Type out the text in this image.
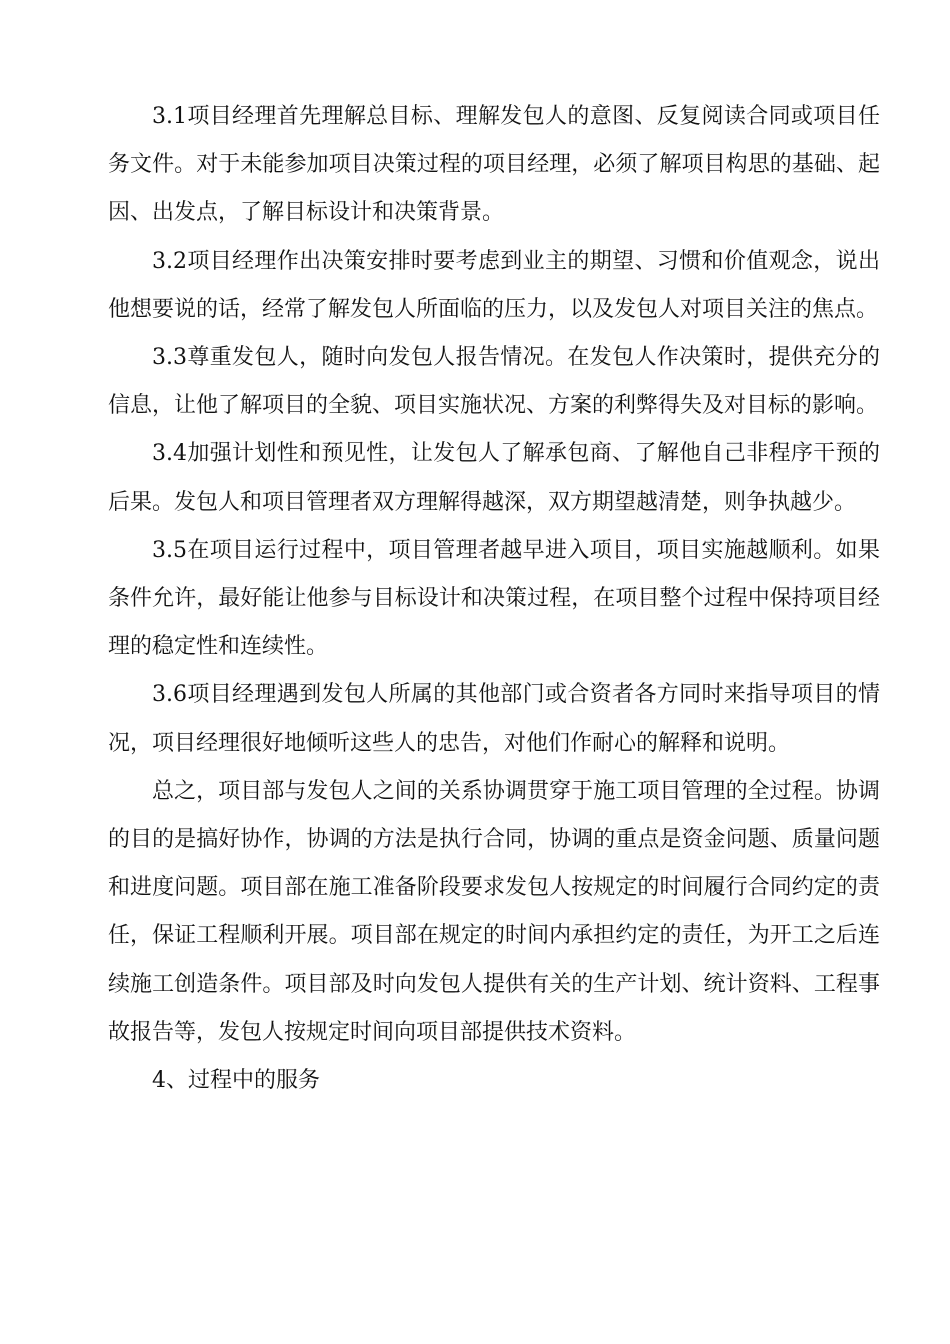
3.1项目经理首先理解总目标、理解发包人的意图、反复阅读合同或项目任务文件。对于未能参加项目决策过程的项目经理，必须了解项目构思的基础、起因、出发点，了解目标设计和决策背景。

3.2项目经理作出决策安排时要考虑到业主的期望、习惯和价值观念，说出他想要说的话，经常了解发包人所面临的压力，以及发包人对项目关注的焦点。

3.3尊重发包人，随时向发包人报告情况。在发包人作决策时，提供充分的信息，让他了解项目的全貌、项目实施状况、方案的利弊得失及对目标的影响。

3.4加强计划性和预见性，让发包人了解承包商、了解他自己非程序干预的后果。发包人和项目管理者双方理解得越深，双方期望越清楚，则争执越少。

3.5在项目运行过程中，项目管理者越早进入项目，项目实施越顺利。如果条件允许，最好能让他参与目标设计和决策过程，在项目整个过程中保持项目经理的稳定性和连续性。

3.6项目经理遇到发包人所属的其他部门或合资者各方同时来指导项目的情况，项目经理很好地倾听这些人的忠告，对他们作耐心的解释和说明。

总之，项目部与发包人之间的关系协调贯穿于施工项目管理的全过程。协调的目的是搞好协作，协调的方法是执行合同，协调的重点是资金问题、质量问题和进度问题。项目部在施工准备阶段要求发包人按规定的时间履行合同约定的责任，保证工程顺利开展。项目部在规定的时间内承担约定的责任，为开工之后连续施工创造条件。项目部及时向发包人提供有关的生产计划、统计资料、工程事故报告等，发包人按规定时间向项目部提供技术资料。

4、过程中的服务
